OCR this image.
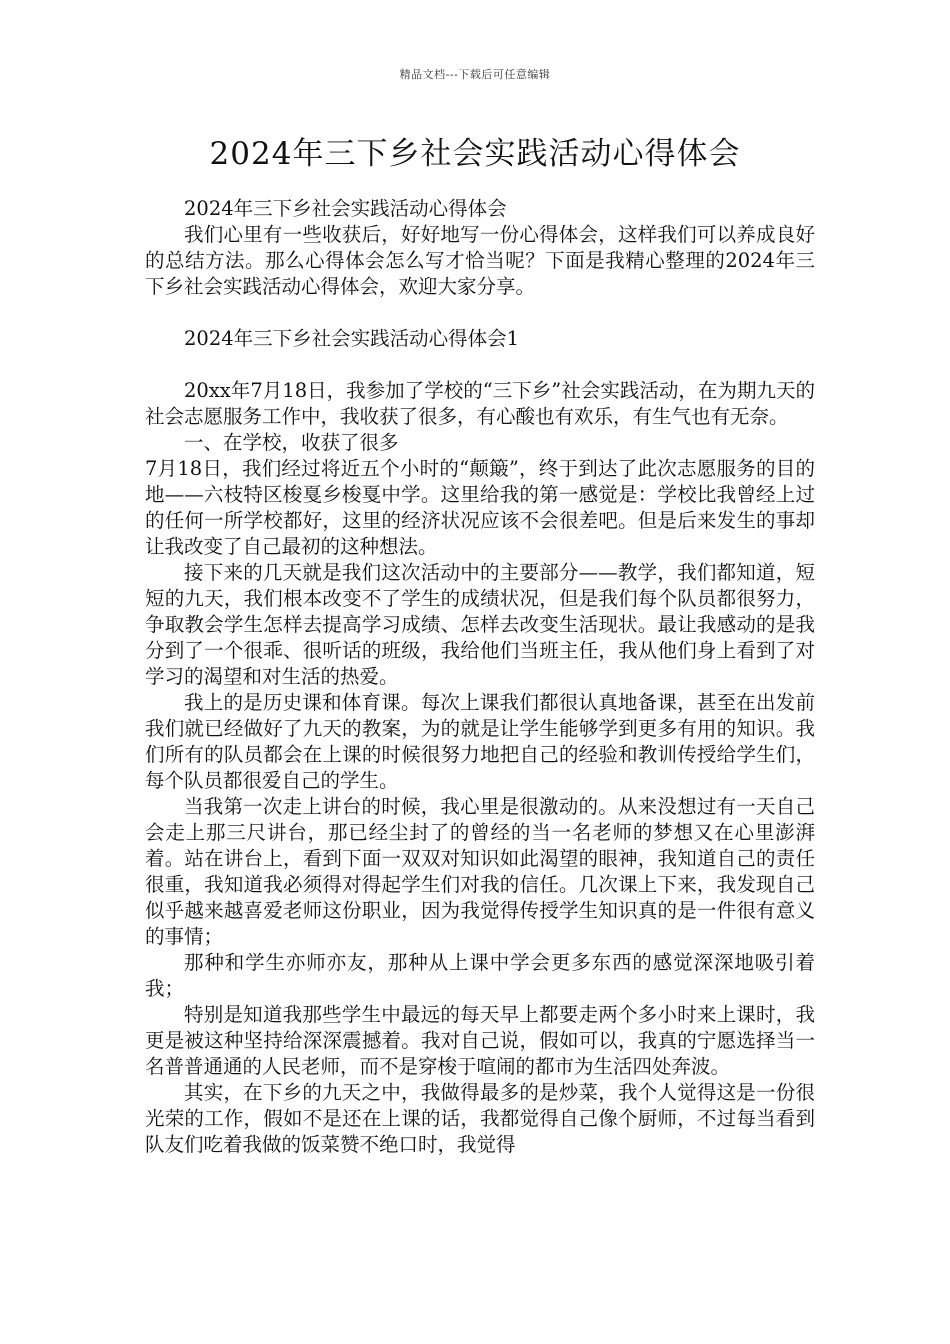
精品文档---下载后可任意编辑
2024年三下乡社会实践活动心得体会

2024年三下乡社会实践活动心得体会

我们心里有一些收获后，好好地写一份心得体会，这样我们可以养成良好的总结方法。那么心得体会怎么写才恰当呢？下面是我精心整理的2024年三下乡社会实践活动心得体会，欢迎大家分享。

2024年三下乡社会实践活动心得体会1

20xx年7月18日，我参加了学校的“三下乡”社会实践活动，在为期九天的社会志愿服务工作中，我收获了很多，有心酸也有欢乐，有生气也有无奈。

一、在学校，收获了很多

7月18日，我们经过将近五个小时的“颠簸”，终于到达了此次志愿服务的目的地——六枝特区梭戛乡梭戛中学。这里给我的第一感觉是：学校比我曾经上过的任何一所学校都好，这里的经济状况应该不会很差吧。但是后来发生的事却让我改变了自己最初的这种想法。

接下来的几天就是我们这次活动中的主要部分——教学，我们都知道，短短的九天，我们根本改变不了学生的成绩状况，但是我们每个队员都很努力，争取教会学生怎样去提高学习成绩、怎样去改变生活现状。最让我感动的是我分到了一个很乖、很听话的班级，我给他们当班主任，我从他们身上看到了对学习的渴望和对生活的热爱。

我上的是历史课和体育课。每次上课我们都很认真地备课，甚至在出发前我们就已经做好了九天的教案，为的就是让学生能够学到更多有用的知识。我们所有的队员都会在上课的时候很努力地把自己的经验和教训传授给学生们，每个队员都很爱自己的学生。

当我第一次走上讲台的时候，我心里是很激动的。从来没想过有一天自己会走上那三尺讲台，那已经尘封了的曾经的当一名老师的梦想又在心里澎湃着。站在讲台上，看到下面一双双对知识如此渴望的眼神，我知道自己的责任很重，我知道我必须得对得起学生们对我的信任。几次课上下来，我发现自己似乎越来越喜爱老师这份职业，因为我觉得传授学生知识真的是一件很有意义的事情；

那种和学生亦师亦友，那种从上课中学会更多东西的感觉深深地吸引着我；

特别是知道我那些学生中最远的每天早上都要走两个多小时来上课时，我更是被这种坚持给深深震撼着。我对自己说，假如可以，我真的宁愿选择当一名普普通通的人民老师，而不是穿梭于喧闹的都市为生活四处奔波。

其实，在下乡的九天之中，我做得最多的是炒菜，我个人觉得这是一份很光荣的工作，假如不是还在上课的话，我都觉得自己像个厨师，不过每当看到队友们吃着我做的饭菜赞不绝口时，我觉得
